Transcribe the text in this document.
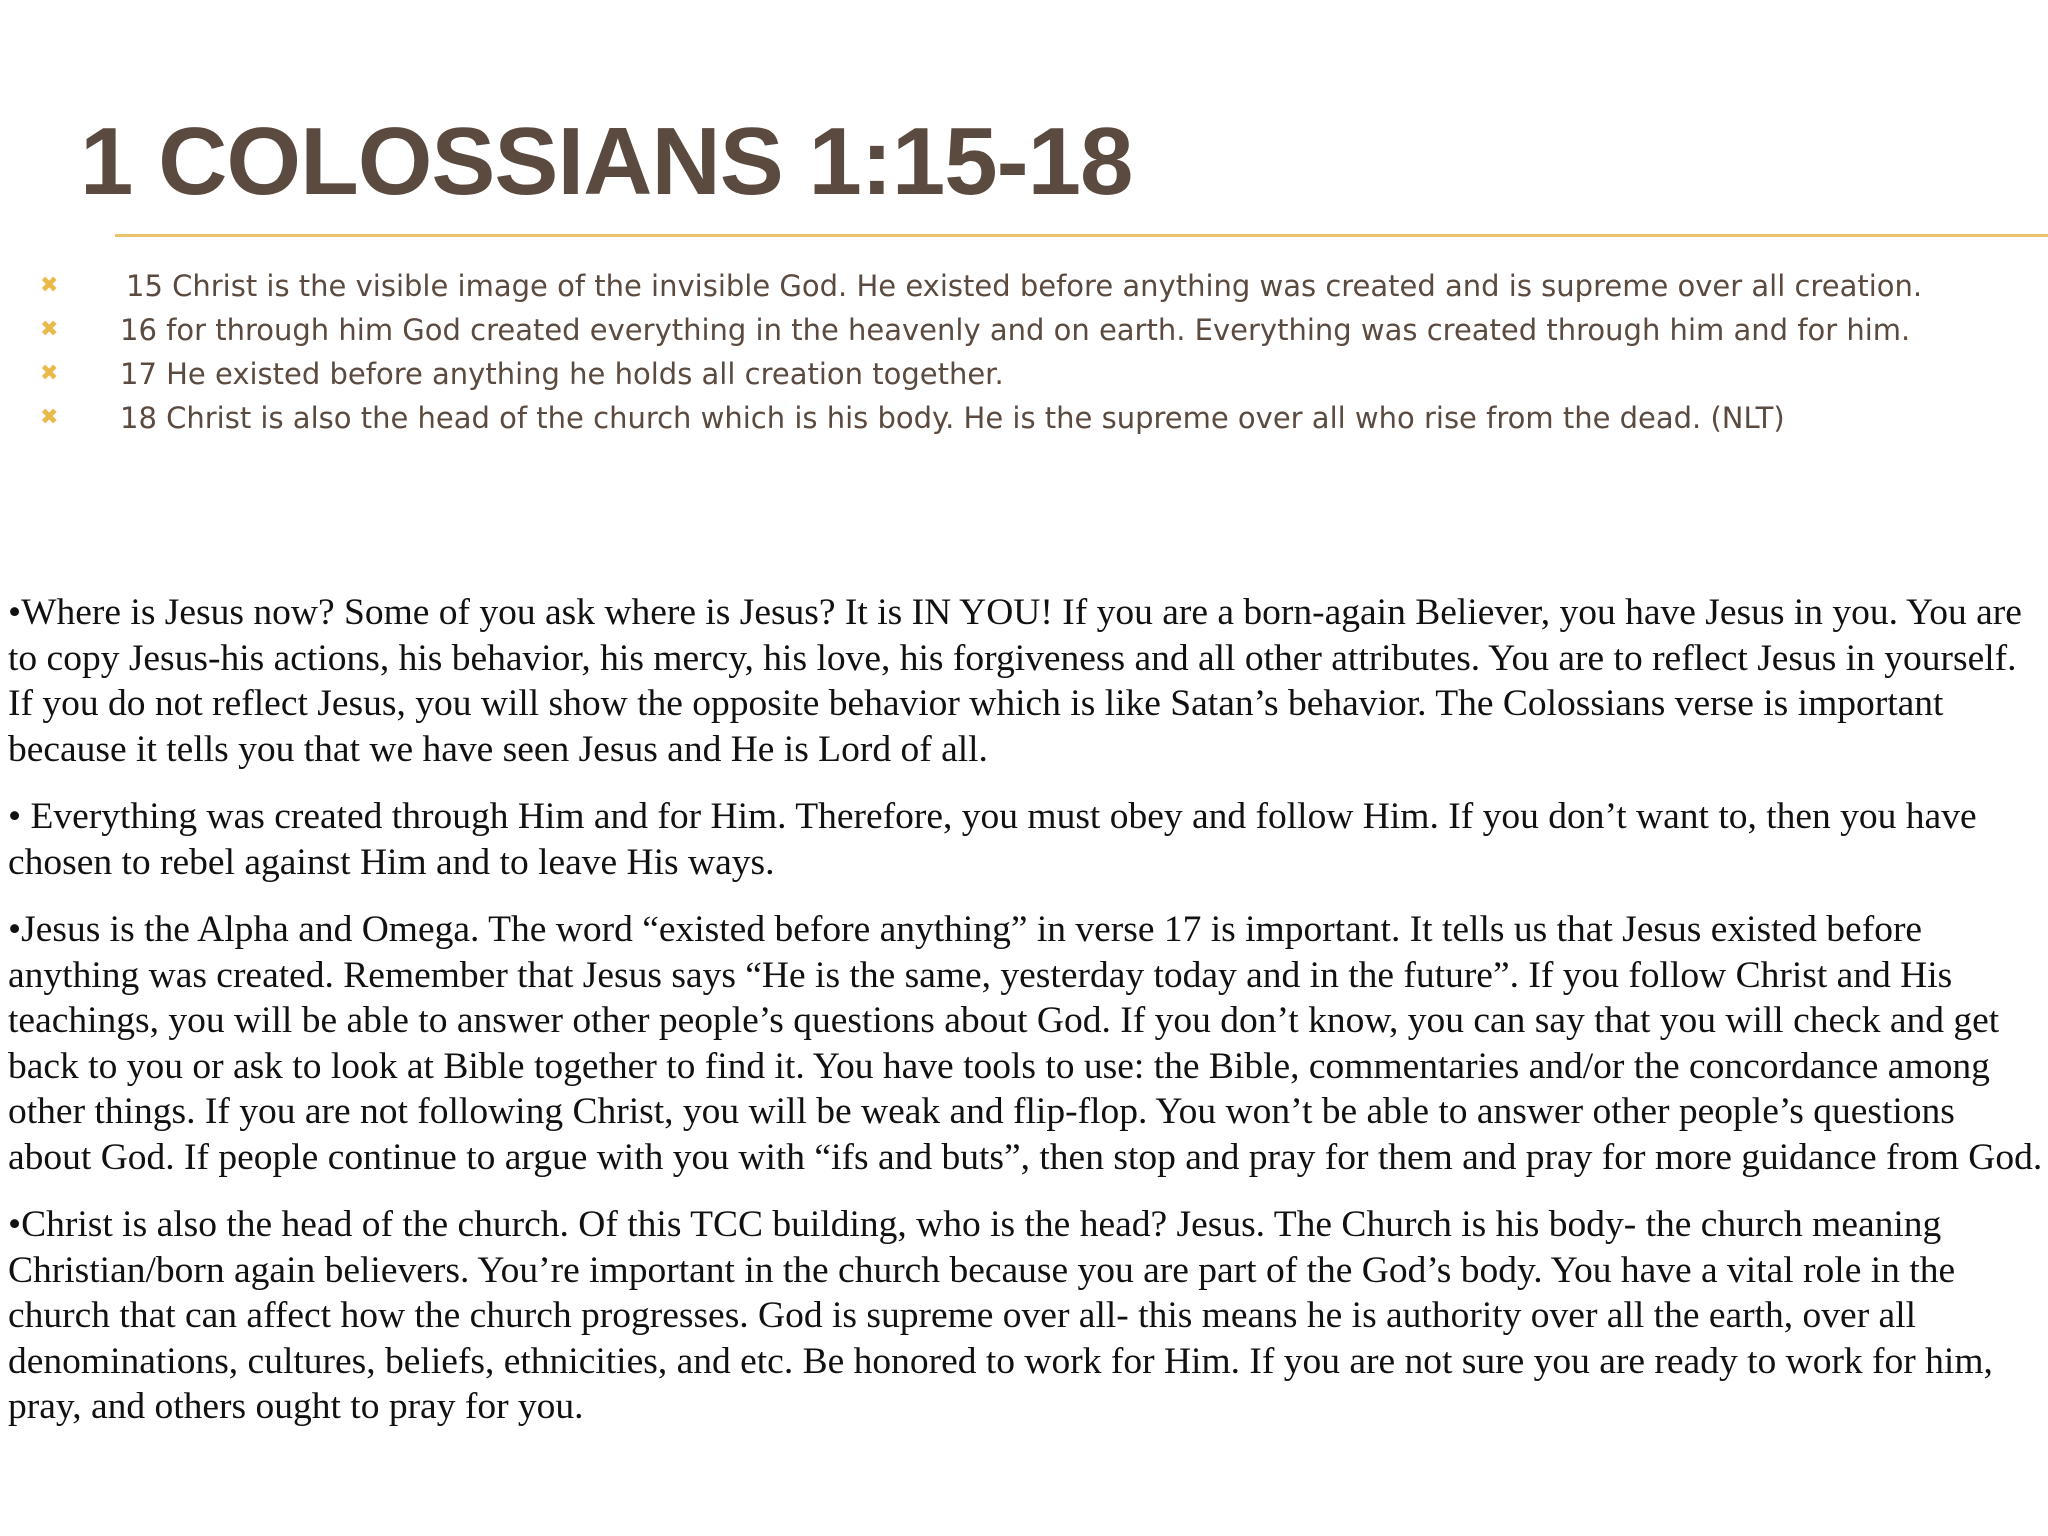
1 COLOSSIANS 1:15-18
✖ 15 Christ is the visible image of the invisible God. He existed before anything was created and is supreme over all creation.
✖ 16 for through him God created everything in the heavenly and on earth. Everything was created through him and for him.
✖ 17 He existed before anything he holds all creation together.
✖ 18 Christ is also the head of the church which is his body. He is the supreme over all who rise from the dead. (NLT)

•Where is Jesus now? Some of you ask where is Jesus? It is IN YOU! If you are a born-again Believer, you have Jesus in you. You are to copy Jesus-his actions, his behavior, his mercy, his love, his forgiveness and all other attributes. You are to reflect Jesus in yourself. If you do not reflect Jesus, you will show the opposite behavior which is like Satan’s behavior. The Colossians verse is important because it tells you that we have seen Jesus and He is Lord of all.

• Everything was created through Him and for Him. Therefore, you must obey and follow Him. If you don’t want to, then you have chosen to rebel against Him and to leave His ways.

•Jesus is the Alpha and Omega. The word “existed before anything” in verse 17 is important. It tells us that Jesus existed before anything was created. Remember that Jesus says “He is the same, yesterday today and in the future”. If you follow Christ and His teachings, you will be able to answer other people’s questions about God. If you don’t know, you can say that you will check and get back to you or ask to look at Bible together to find it. You have tools to use: the Bible, commentaries and/or the concordance among other things. If you are not following Christ, you will be weak and flip-flop. You won’t be able to answer other people’s questions about God. If people continue to argue with you with “ifs and buts”, then stop and pray for them and pray for more guidance from God.

•Christ is also the head of the church. Of this TCC building, who is the head? Jesus. The Church is his body- the church meaning Christian/born again believers. You’re important in the church because you are part of the God’s body. You have a vital role in the church that can affect how the church progresses. God is supreme over all- this means he is authority over all the earth, over all denominations, cultures, beliefs, ethnicities, and etc. Be honored to work for Him. If you are not sure you are ready to work for him, pray, and others ought to pray for you.
